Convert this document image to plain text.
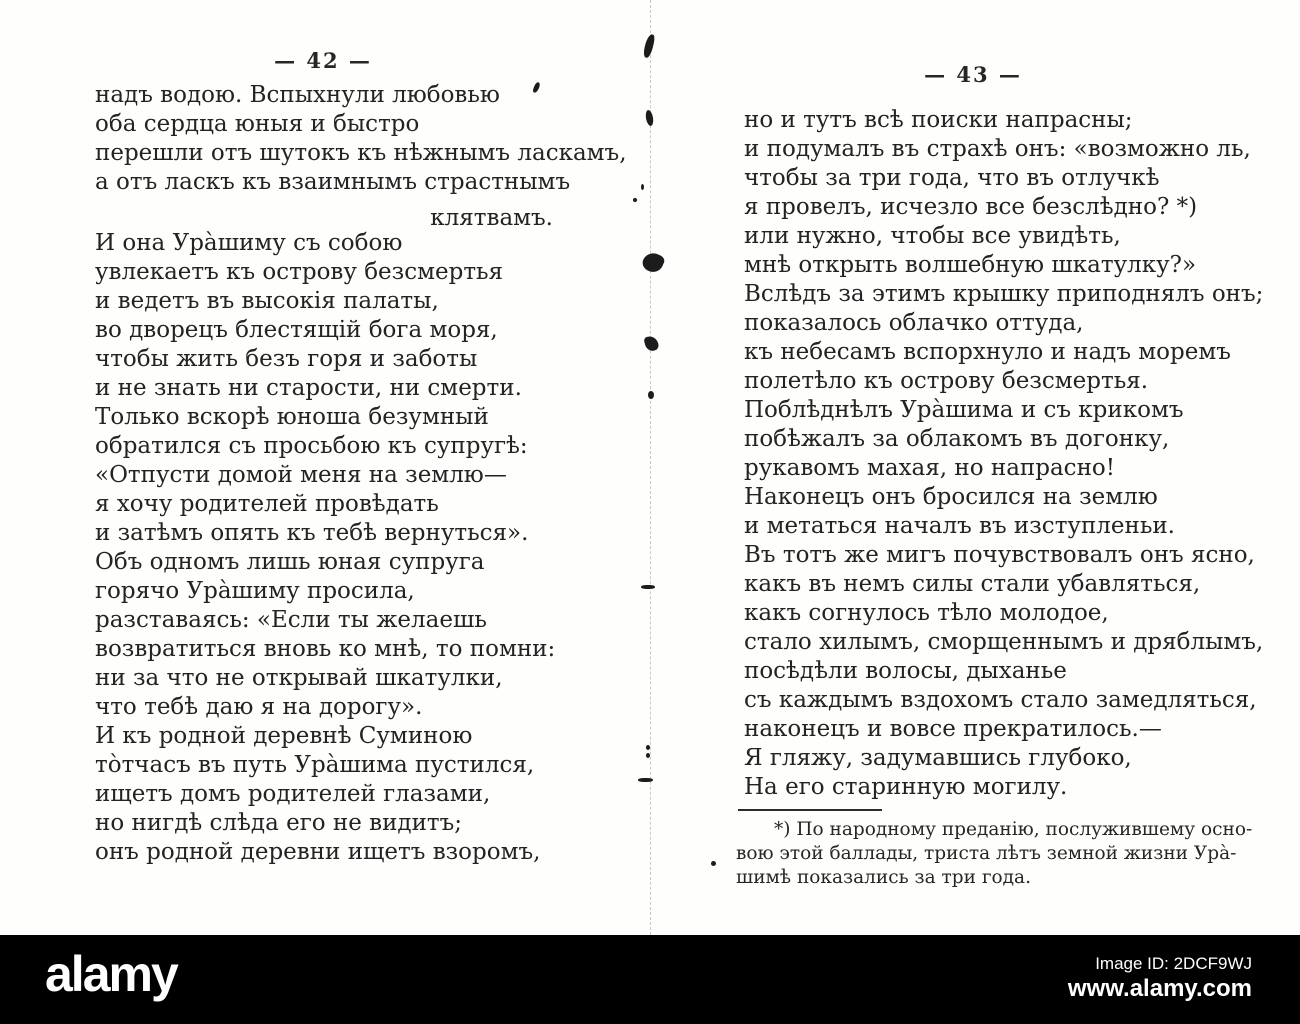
— 42 —
надъ водою. Вспыхнули любовью
оба сердца юныя и быстро
перешли отъ шутокъ къ нѣжнымъ ласкамъ,
а отъ ласкъ къ взаимнымъ страстнымъ
клятвамъ.
И она Ура̀шиму съ собою
увлекаетъ къ острову безсмертья
и ведетъ въ высокія палаты,
во дворецъ блестящій бога моря,
чтобы жить безъ горя и заботы
и не знать ни старости, ни смерти.
Только вскорѣ юноша безумный
обратился съ просьбою къ супругѣ:
«Отпусти домой меня на землю—
я хочу родителей провѣдать
и затѣмъ опять къ тебѣ вернуться».
Объ одномъ лишь юная супруга
горячо Ура̀шиму просила,
разставаясь: «Если ты желаешь
возвратиться вновь ко мнѣ, то помни:
ни за что не открывай шкатулки,
что тебѣ даю я на дорогу».
И къ родной деревнѣ Суминою
то̀тчасъ въ путь Ура̀шима пустился,
ищетъ домъ родителей глазами,
но нигдѣ слѣда его не видитъ;
онъ родной деревни ищетъ взоромъ,
— 43 —
но и тутъ всѣ поиски напрасны;
и подумалъ въ страхѣ онъ: «возможно ль,
чтобы за три года, что въ отлучкѣ
я провелъ, исчезло все безслѣдно? *)
или нужно, чтобы все увидѣть,
мнѣ открыть волшебную шкатулку?»
Вслѣдъ за этимъ крышку приподнялъ онъ;
показалось облачко оттуда,
къ небесамъ вспорхнуло и надъ моремъ
полетѣло къ острову безсмертья.
Поблѣднѣлъ Ура̀шима и съ крикомъ
побѣжалъ за облакомъ въ догонку,
рукавомъ махая, но напрасно!
Наконецъ онъ бросился на землю
и метаться началъ въ изступленьи.
Въ тотъ же мигъ почувствовалъ онъ ясно,
какъ въ немъ силы стали убавляться,
какъ согнулось тѣло молодое,
стало хилымъ, сморщеннымъ и дряблымъ,
посѣдѣли волосы, дыханье
съ каждымъ вздохомъ стало замедляться,
наконецъ и вовсе прекратилось.—
Я гляжу, задумавшись глубоко,
На его старинную могилу.
*) По народному преданію, послужившему осно-
вою этой баллады, триста лѣтъ земной жизни Ура̀-
шимѣ показались за три года.
alamy	Image ID: 2DCF9WJ
www.alamy.com
